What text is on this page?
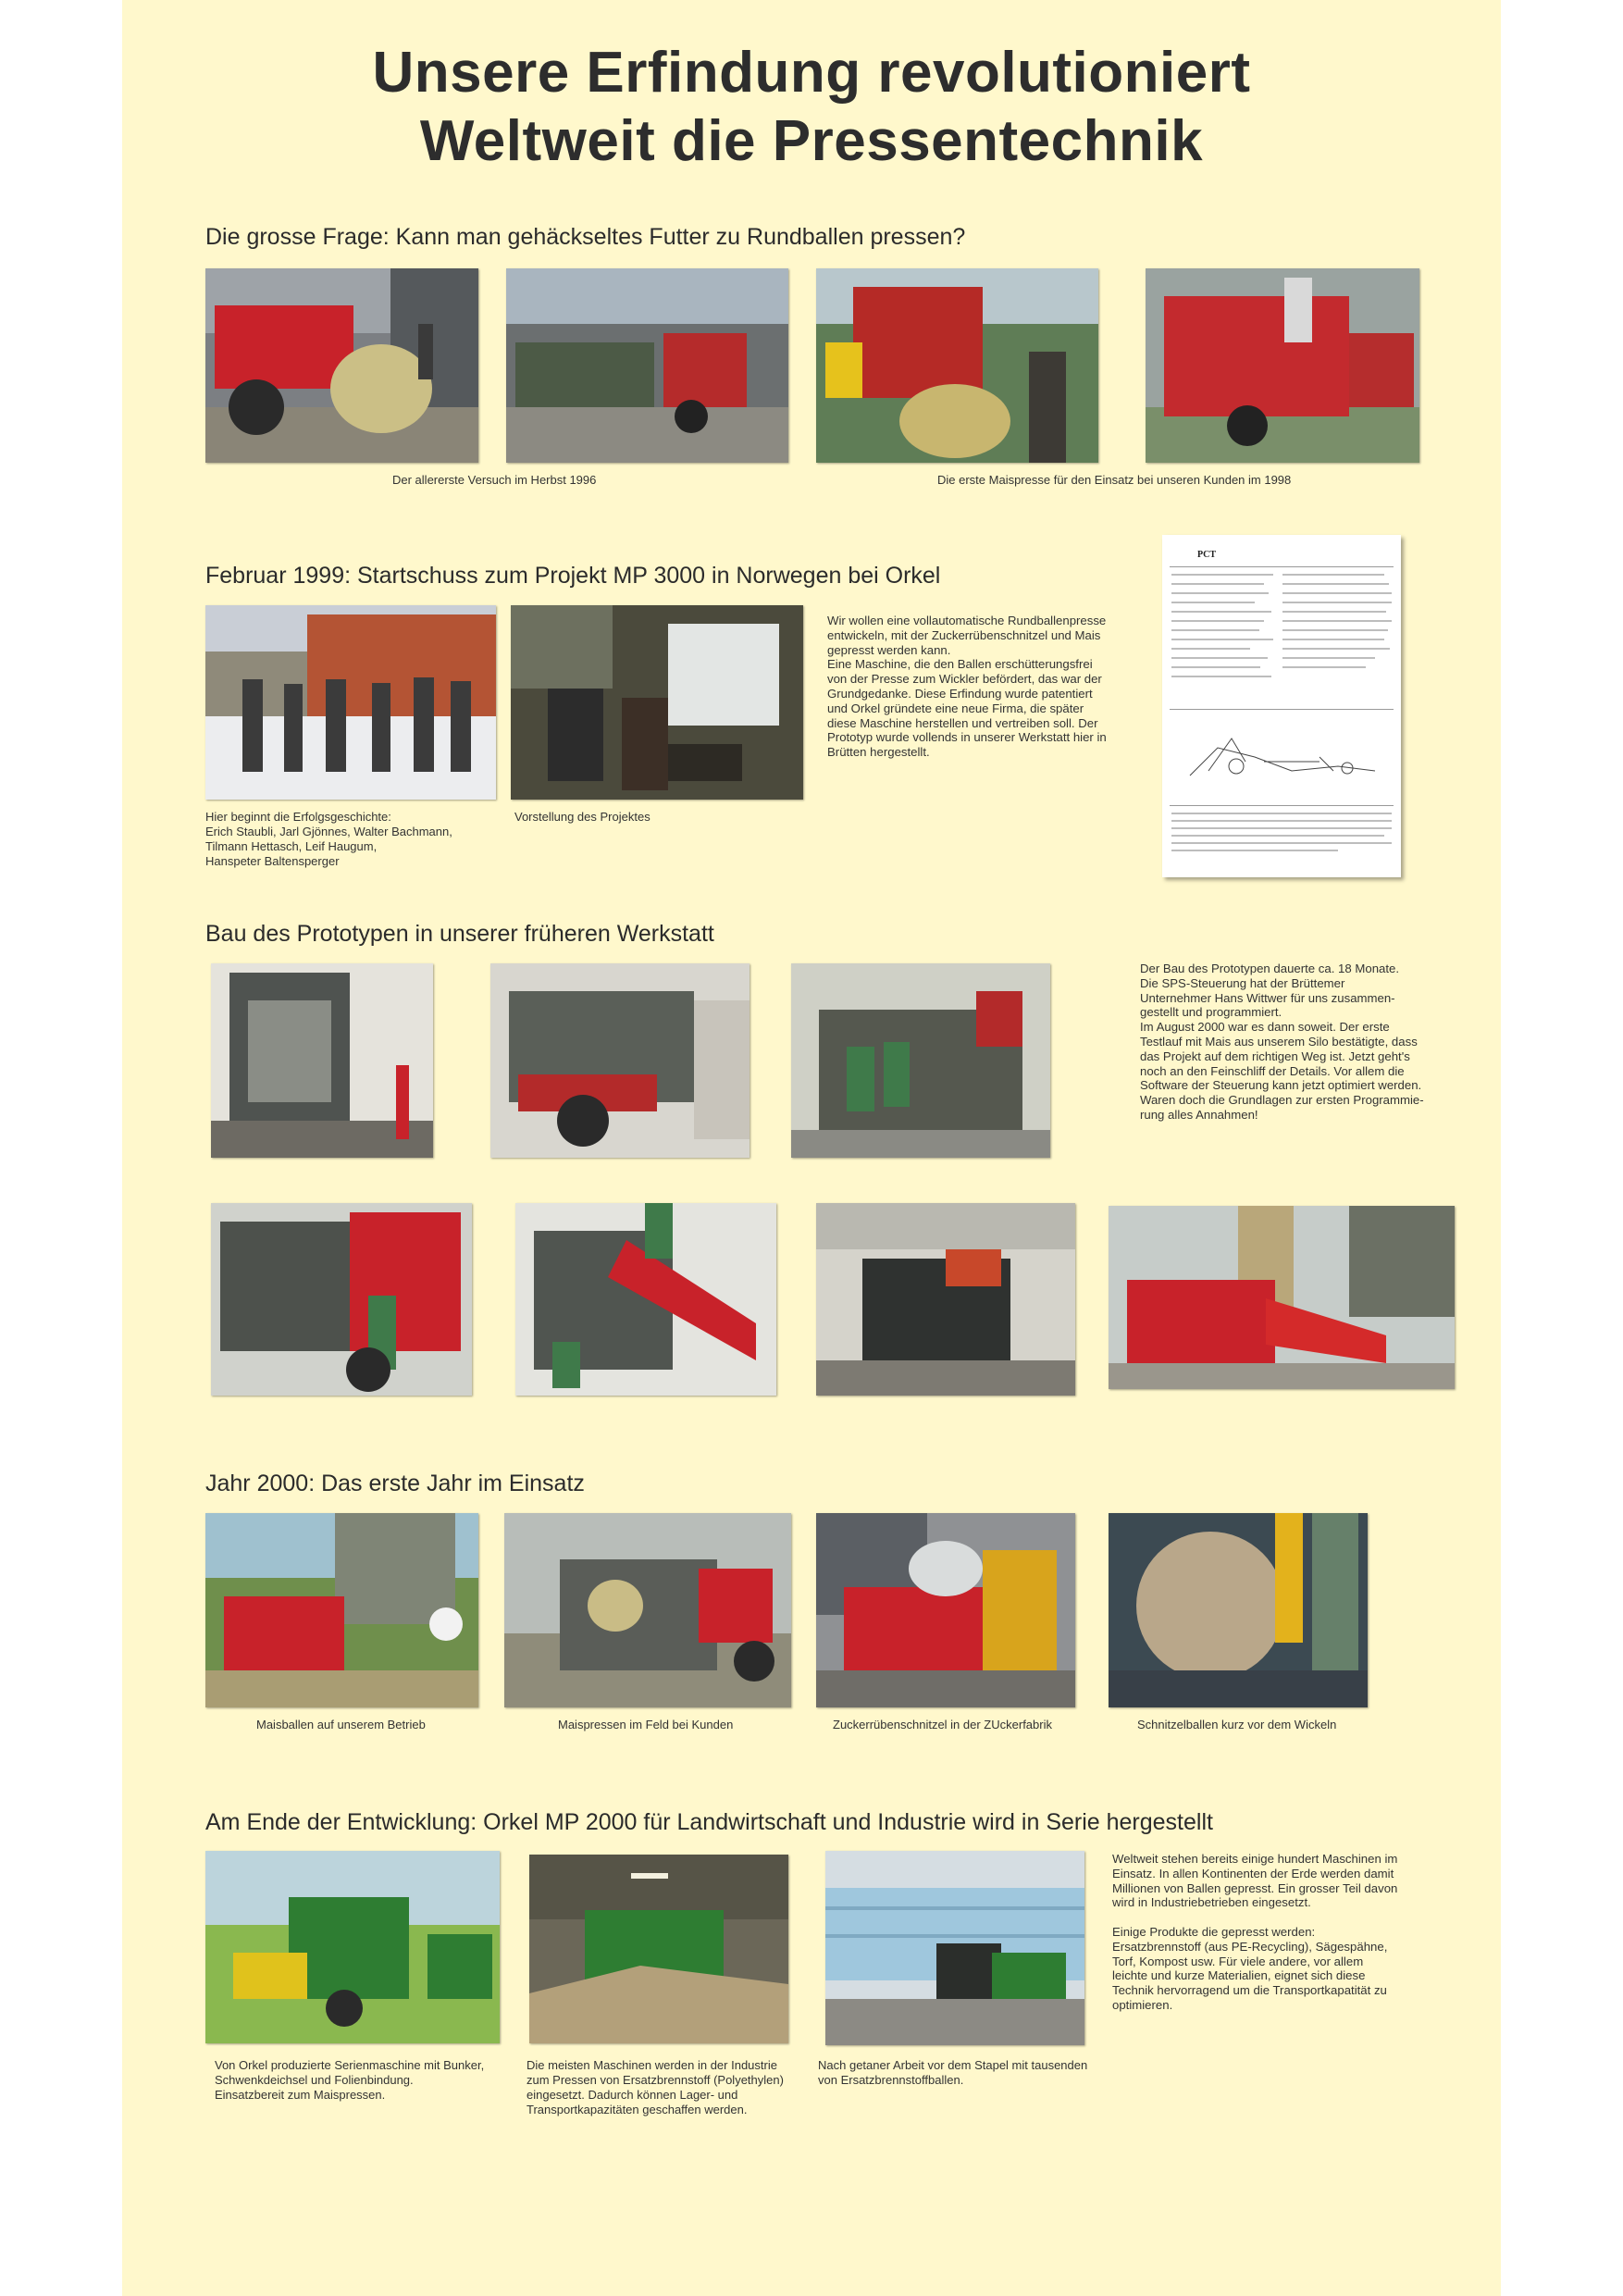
Unsere Erfindung revolutioniert
Weltweit die Pressentechnik
Die grosse Frage: Kann man gehäckseltes Futter zu Rundballen pressen?
Der allererste Versuch im Herbst 1996	Die erste Maispresse für den Einsatz bei unseren Kunden im 1998
Februar 1999: Startschuss zum Projekt MP 3000 in Norwegen bei Orkel
Wir wollen eine vollautomatische Rundballenpresse
entwickeln, mit der Zuckerrübenschnitzel und Mais
gepresst werden kann.
Eine Maschine, die den Ballen erschütterungsfrei
von der Presse zum Wickler befördert, das war der
Grundgedanke. Diese Erfindung wurde patentiert
und Orkel gründete eine neue Firma, die später
diese Maschine herstellen und vertreiben soll. Der
Prototyp wurde vollends in unserer Werkstatt hier in
Brütten hergestellt.
Hier beginnt die Erfolgsgeschichte:
Erich Staubli, Jarl Gjönnes, Walter Bachmann,
Tilmann Hettasch, Leif Haugum,
Hanspeter Baltensperger
Vorstellung des Projektes
PCT
Bau des Prototypen in unserer früheren Werkstatt
Der Bau des Prototypen dauerte ca. 18 Monate.
Die SPS-Steuerung hat der Brüttemer
Unternehmer Hans Wittwer für uns zusammen-
gestellt und programmiert.
Im August 2000 war es dann soweit. Der erste
Testlauf mit Mais aus unserem Silo bestätigte, dass
das Projekt auf dem richtigen Weg ist. Jetzt geht's
noch an den Feinschliff der Details. Vor allem die
Software der Steuerung kann jetzt optimiert werden.
Waren doch die Grundlagen zur ersten Programmie-
rung alles Annahmen!
Jahr 2000: Das erste Jahr im Einsatz
Maisballen auf unserem Betrieb	Maispressen im Feld bei Kunden	Zuckerrübenschnitzel in der ZUckerfabrik	Schnitzelballen kurz vor dem Wickeln
Am Ende der Entwicklung: Orkel MP 2000 für Landwirtschaft und Industrie wird in Serie hergestellt
Weltweit stehen bereits einige hundert Maschinen im
Einsatz. In allen Kontinenten der Erde werden damit
Millionen von Ballen gepresst. Ein grosser Teil davon
wird in Industriebetrieben eingesetzt.
Einige Produkte die gepresst werden:
Ersatzbrennstoff (aus PE-Recycling), Sägespähne,
Torf, Kompost usw. Für viele andere, vor allem
leichte und kurze Materialien, eignet sich diese
Technik hervorragend um die Transportkapatität zu
optimieren.
Von Orkel produzierte Serienmaschine mit Bunker,
Schwenkdeichsel und Folienbindung.
Einsatzbereit zum Maispressen.
Die meisten Maschinen werden in der Industrie
zum Pressen von Ersatzbrennstoff (Polyethylen)
eingesetzt. Dadurch können Lager- und
Transportkapazitäten geschaffen werden.
Nach getaner Arbeit vor dem Stapel mit tausenden
von Ersatzbrennstoffballen.
